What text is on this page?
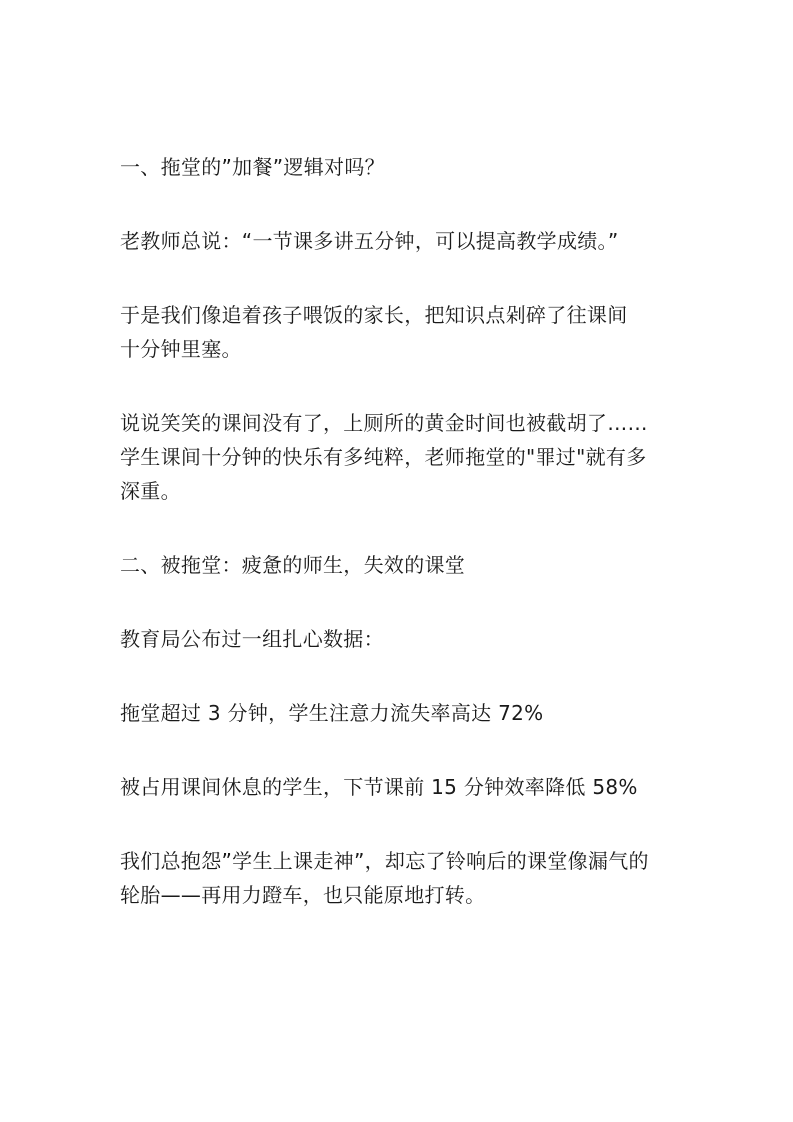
一、拖堂的”加餐”逻辑对吗？

老教师总说：“一节课多讲五分钟，可以提高教学成绩。”

于是我们像追着孩子喂饭的家长，把知识点剁碎了往课间
十分钟里塞。

说说笑笑的课间没有了，上厕所的黄金时间也被截胡了……
学生课间十分钟的快乐有多纯粹，老师拖堂的"罪过"就有多
深重。

二、被拖堂：疲惫的师生，失效的课堂

教育局公布过一组扎心数据：

拖堂超过 3 分钟，学生注意力流失率高达 72%

被占用课间休息的学生，下节课前 15 分钟效率降低 58%

我们总抱怨”学生上课走神”，却忘了铃响后的课堂像漏气的
轮胎——再用力蹬车，也只能原地打转。
